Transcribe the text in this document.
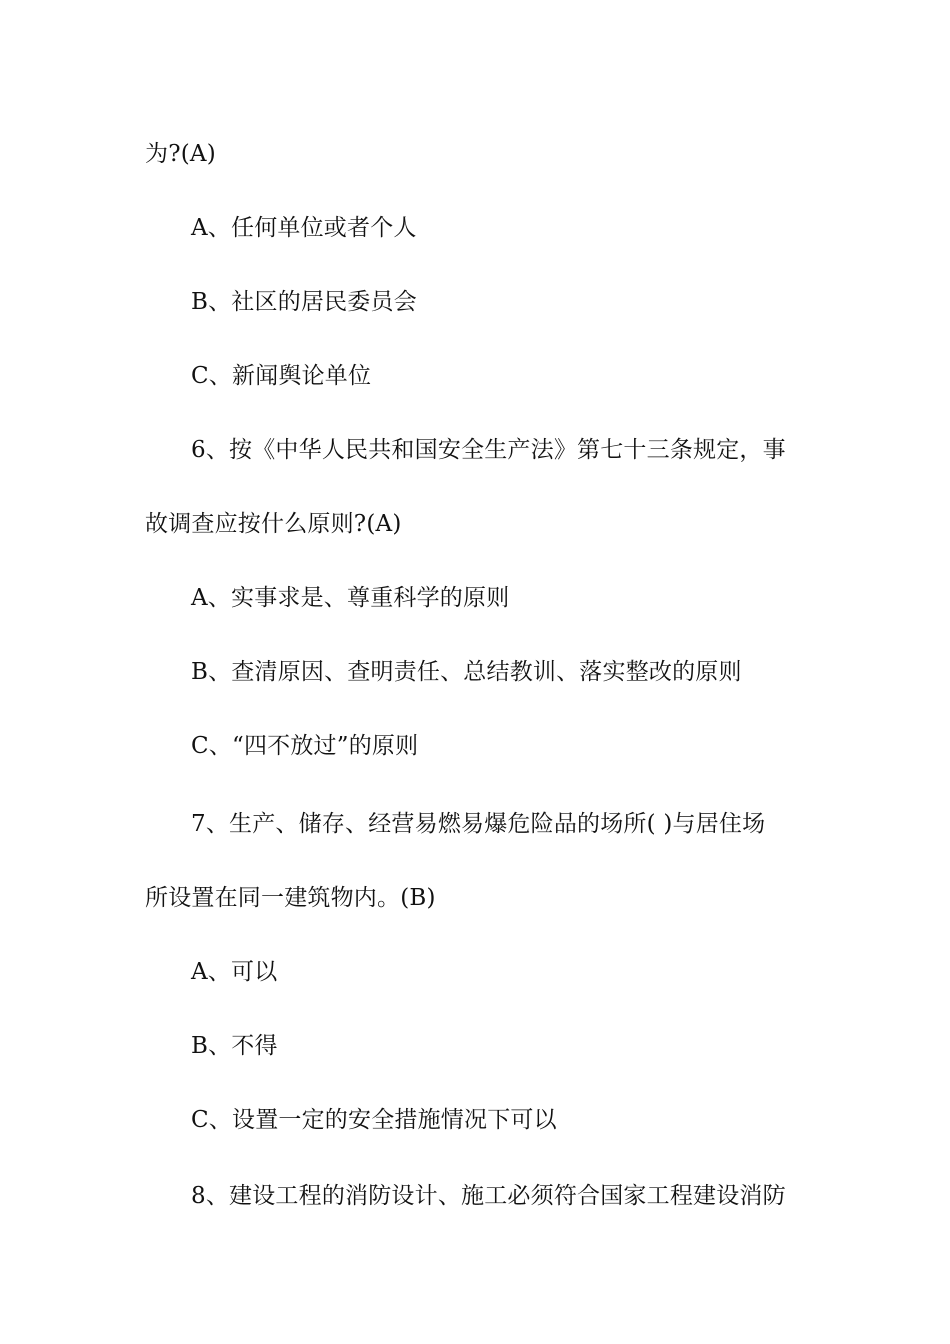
为?(A)
A、任何单位或者个人
B、社区的居民委员会
C、新闻舆论单位
6、按《中华人民共和国安全生产法》第七十三条规定，事
故调查应按什么原则?(A)
A、实事求是、尊重科学的原则
B、查清原因、查明责任、总结教训、落实整改的原则
C、“四不放过”的原则
7、生产、储存、经营易燃易爆危险品的场所( )与居住场
所设置在同一建筑物内。(B)
A、可以
B、不得
C、设置一定的安全措施情况下可以
8、建设工程的消防设计、施工必须符合国家工程建设消防
